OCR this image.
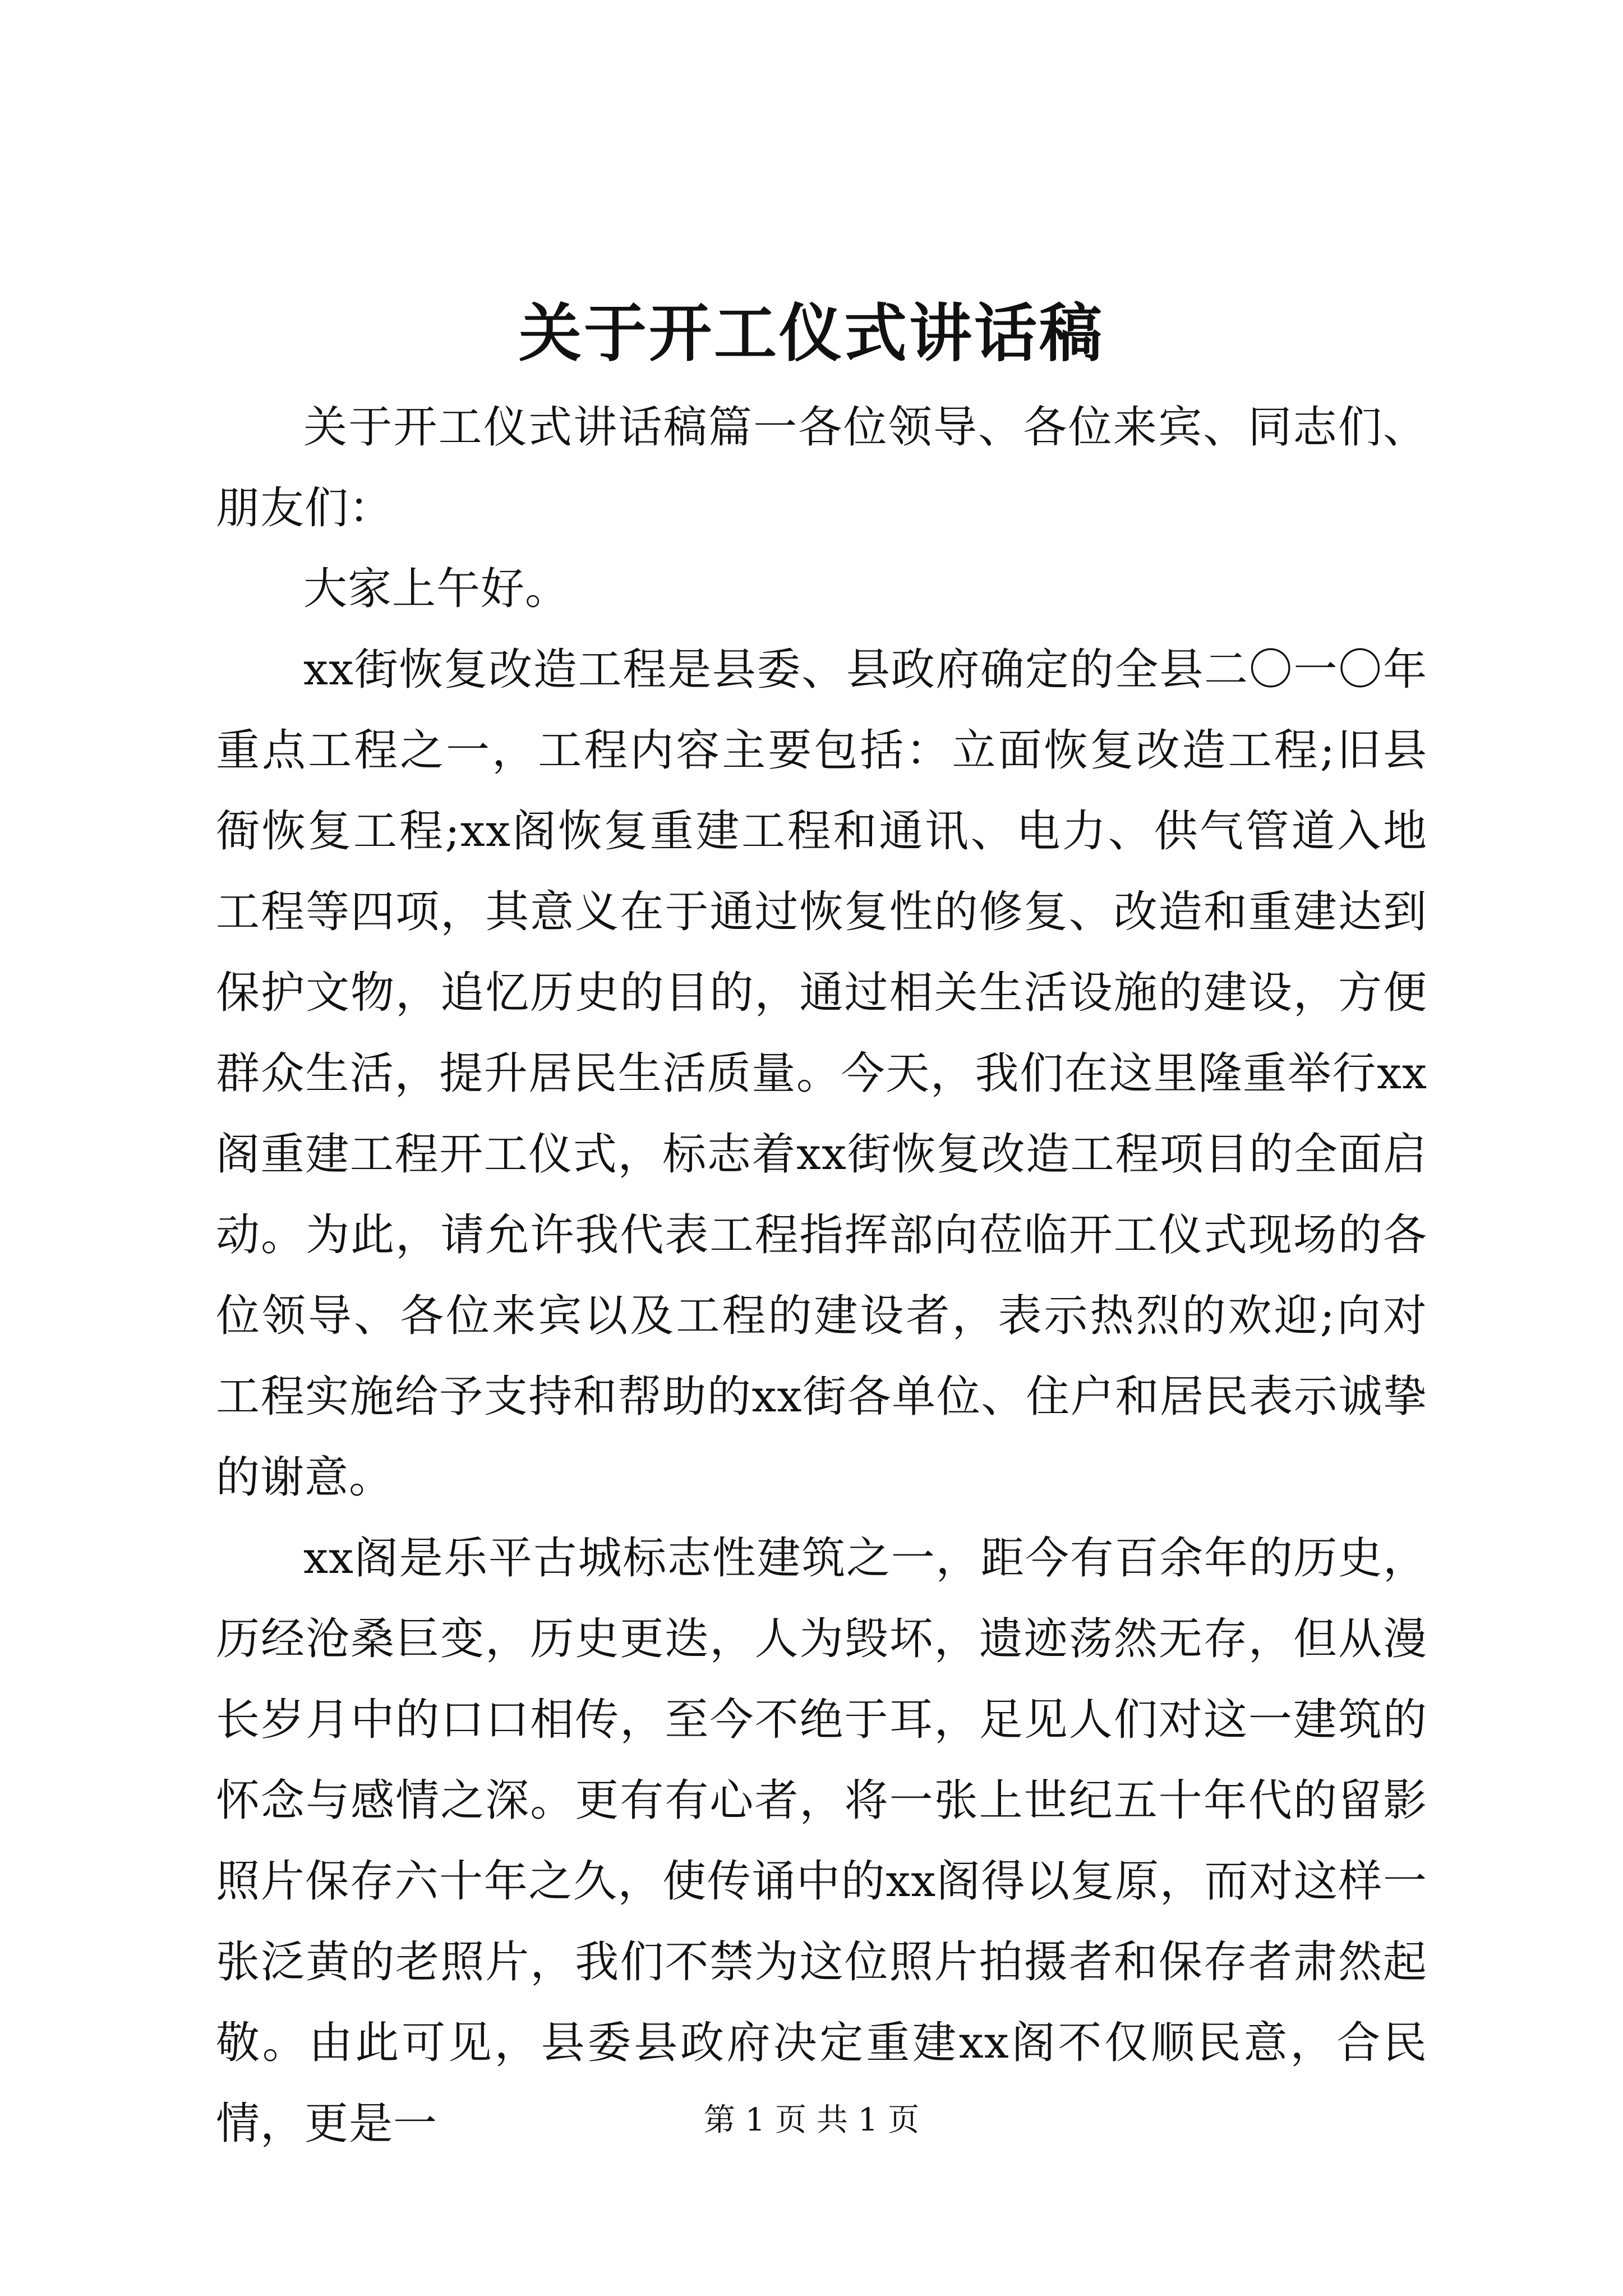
关于开工仪式讲话稿

关于开工仪式讲话稿篇一各位领导、各位来宾、同志们、朋友们：

大家上午好。

xx街恢复改造工程是县委、县政府确定的全县二〇一〇年重点工程之一，工程内容主要包括：立面恢复改造工程;旧县衙恢复工程;xx阁恢复重建工程和通讯、电力、供气管道入地工程等四项，其意义在于通过恢复性的修复、改造和重建达到保护文物，追忆历史的目的，通过相关生活设施的建设，方便群众生活，提升居民生活质量。今天，我们在这里隆重举行xx阁重建工程开工仪式，标志着xx街恢复改造工程项目的全面启动。为此，请允许我代表工程指挥部向莅临开工仪式现场的各位领导、各位来宾以及工程的建设者，表示热烈的欢迎;向对工程实施给予支持和帮助的xx街各单位、住户和居民表示诚挚的谢意。

xx阁是乐平古城标志性建筑之一，距今有百余年的历史，历经沧桑巨变，历史更迭，人为毁坏，遗迹荡然无存，但从漫长岁月中的口口相传，至今不绝于耳，足见人们对这一建筑的怀念与感情之深。更有有心者，将一张上世纪五十年代的留影照片保存六十年之久，使传诵中的xx阁得以复原，而对这样一张泛黄的老照片，我们不禁为这位照片拍摄者和保存者肃然起敬。由此可见，县委县政府决定重建xx阁不仅顺民意，合民情，更是一	第 1 页 共 1 页
